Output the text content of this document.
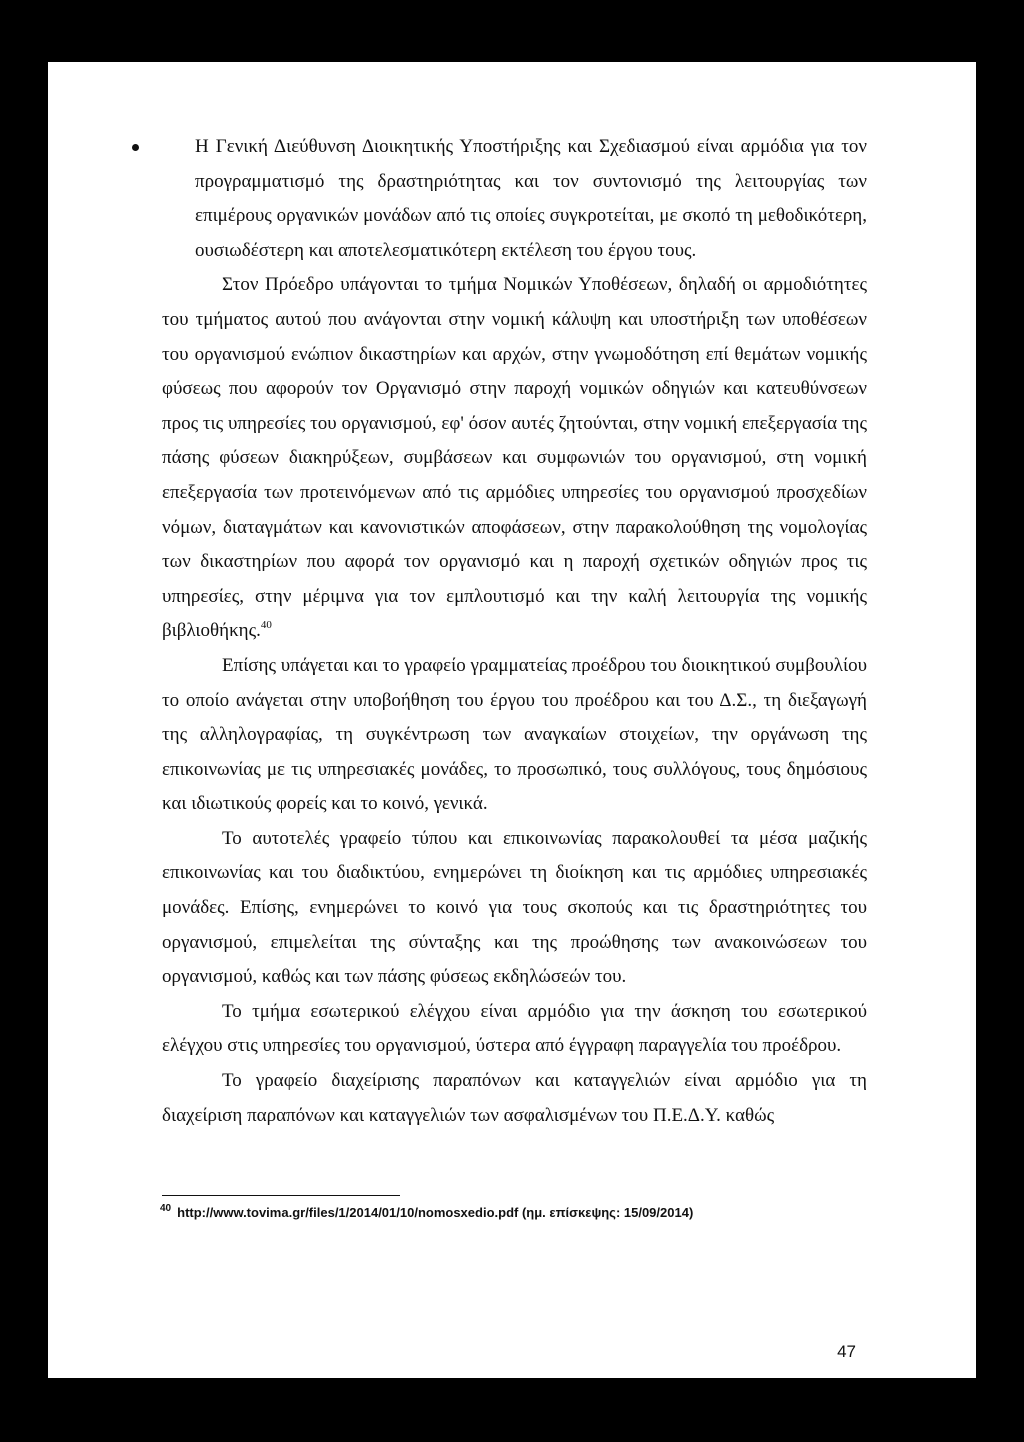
Η Γενική Διεύθυνση Διοικητικής Υποστήριξης και Σχεδιασμού είναι αρμόδια για τον προγραμματισμό της δραστηριότητας και τον συντονισμό της λειτουργίας των επιμέρους οργανικών μονάδων από τις οποίες συγκροτείται, με σκοπό τη μεθοδικότερη, ουσιωδέστερη και αποτελεσματικότερη εκτέλεση του έργου τους.

Στον Πρόεδρο υπάγονται το τμήμα Νομικών Υποθέσεων, δηλαδή οι αρμοδιότητες του τμήματος αυτού που ανάγονται στην νομική κάλυψη και υποστήριξη των υποθέσεων του οργανισμού ενώπιον δικαστηρίων και αρχών, στην γνωμοδότηση επί θεμάτων νομικής φύσεως που αφορούν τον Οργανισμό στην παροχή νομικών οδηγιών και κατευθύνσεων προς τις υπηρεσίες του οργανισμού, εφ' όσον αυτές ζητούνται, στην νομική επεξεργασία της πάσης φύσεων διακηρύξεων, συμβάσεων και συμφωνιών του οργανισμού, στη νομική επεξεργασία των προτεινόμενων από τις αρμόδιες υπηρεσίες του οργανισμού προσχεδίων νόμων, διαταγμάτων και κανονιστικών αποφάσεων, στην παρακολούθηση της νομολογίας των δικαστηρίων που αφορά τον οργανισμό και η παροχή σχετικών οδηγιών προς τις υπηρεσίες, στην μέριμνα για τον εμπλουτισμό και την καλή λειτουργία της νομικής βιβλιοθήκης.$^{40}$

Επίσης υπάγεται και το γραφείο γραμματείας προέδρου του διοικητικού συμβουλίου το οποίο ανάγεται στην υποβοήθηση του έργου του προέδρου και του Δ.Σ., τη διεξαγωγή της αλληλογραφίας, τη συγκέντρωση των αναγκαίων στοιχείων, την οργάνωση της επικοινωνίας με τις υπηρεσιακές μονάδες, το προσωπικό, τους συλλόγους, τους δημόσιους και ιδιωτικούς φορείς και το κοινό, γενικά.

Το αυτοτελές γραφείο τύπου και επικοινωνίας παρακολουθεί τα μέσα μαζικής επικοινωνίας και του διαδικτύου, ενημερώνει τη διοίκηση και τις αρμόδιες υπηρεσιακές μονάδες. Επίσης, ενημερώνει το κοινό για τους σκοπούς και τις δραστηριότητες του οργανισμού, επιμελείται της σύνταξης και της προώθησης των ανακοινώσεων του οργανισμού, καθώς και των πάσης φύσεως εκδηλώσεών του.

Το τμήμα εσωτερικού ελέγχου είναι αρμόδιο για την άσκηση του εσωτερικού ελέγχου στις υπηρεσίες του οργανισμού, ύστερα από έγγραφη παραγγελία του προέδρου.

Το γραφείο διαχείρισης παραπόνων και καταγγελιών είναι αρμόδιο για τη διαχείριση παραπόνων και καταγγελιών των ασφαλισμένων του Π.Ε.Δ.Υ. καθώς

$^{40}$ http://www.tovima.gr/files/1/2014/01/10/nomosxedio.pdf (ημ. επίσκεψης: 15/09/2014)
47
